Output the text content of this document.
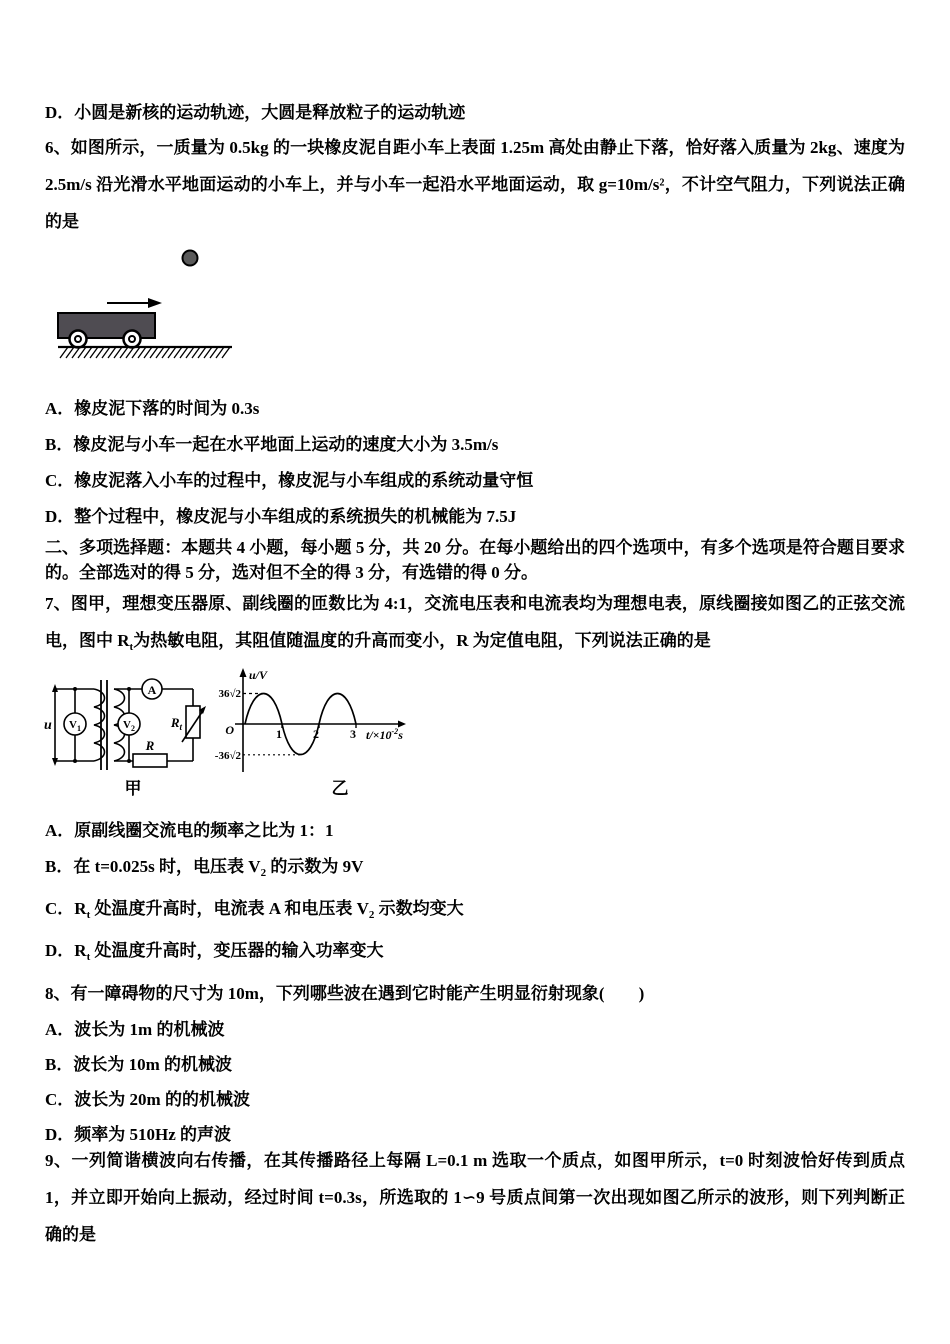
D．小圆是新核的运动轨迹，大圆是释放粒子的运动轨迹

6、如图所示，一质量为 0.5kg 的一块橡皮泥自距小车上表面 1.25m 高处由静止下落，恰好落入质量为 2kg、速度为 2.5m/s 沿光滑水平地面运动的小车上，并与小车一起沿水平地面运动，取 g=10m/s²，不计空气阻力，下列说法正确的是

A．橡皮泥下落的时间为 0.3s

B．橡皮泥与小车一起在水平地面上运动的速度大小为 3.5m/s

C．橡皮泥落入小车的过程中，橡皮泥与小车组成的系统动量守恒

D．整个过程中，橡皮泥与小车组成的系统损失的机械能为 7.5J

二、多项选择题：本题共 4 小题，每小题 5 分，共 20 分。在每小题给出的四个选项中，有多个选项是符合题目要求的。全部选对的得 5 分，选对但不全的得 3 分，有选错的得 0 分。

7、图甲，理想变压器原、副线圈的匝数比为 4:1，交流电压表和电流表均为理想电表，原线圈接如图乙的正弦交流电，图中 $R_t$为热敏电阻，其阻值随温度的升高而变小，R 为定值电阻，下列说法正确的是

u $V_1$	$V_2$
A
$R_t$
R
甲
u/V
36√2
-36√2
O	1	2	3 $t/\times 10^{-2}s$
乙

A．原副线圈交流电的频率之比为 1：1

B．在 t=0.025s 时，电压表 $V_2$ 的示数为 9V

C．$R_t$ 处温度升高时，电流表 A 和电压表 $V_2$ 示数均变大

D．$R_t$ 处温度升高时，变压器的输入功率变大

8、有一障碍物的尺寸为 10m，下列哪些波在遇到它时能产生明显衍射现象(　　)

A．波长为 1m 的机械波

B．波长为 10m 的机械波

C．波长为 20m 的的机械波

D．频率为 510Hz 的声波

9、一列简谐横波向右传播，在其传播路径上每隔 L=0.1 m 选取一个质点，如图甲所示，t=0 时刻波恰好传到质点 1，并立即开始向上振动，经过时间 t=0.3s，所选取的 1∽9 号质点间第一次出现如图乙所示的波形，则下列判断正确的是
